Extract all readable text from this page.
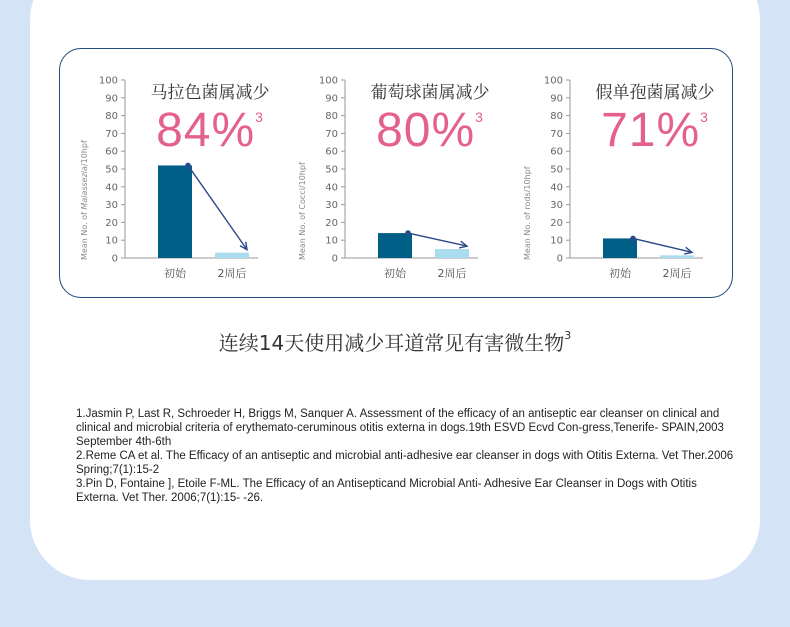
100
90
80
70
60
50
40
30
20
10
0
初始	2周后
马拉色菌属减少
84%$^3$
Mean No. of Malassezia/10hpf
100
90
80
70
60
50
40
30
20
10
0
初始	2周后
葡萄球菌属减少
80%$^3$
Mean No. of Cocci/10hpf
100
90
80
70
60
50
40
30
20
10
0
初始	2周后
假单孢菌属减少
71%$^3$
Mean No. of rods/10hpf
连续14天使用减少耳道常见有害微生物$^3$

1.Jasmin P, Last R, Schroeder H, Briggs M, Sanquer A. Assessment of the efficacy of an antiseptic ear cleanser on clinical and clinical and microbial criteria of erythemato-ceruminous otitis externa in dogs.19th ESVD Ecvd Con-gress,Tenerife- SPAIN,2003 September 4th-6th

2.Reme CA et al. The Efficacy of an antiseptic and microbial anti-adhesive ear cleanser in dogs with Otitis Externa. Vet Ther.2006 Spring;7(1):15-2

3.Pin D, Fontaine ], Etoile F-ML. The Efficacy of an Antisepticand Microbial Anti- Adhesive Ear Cleanser in Dogs with Otitis Externa. Vet Ther. 2006;7(1):15- -26.
